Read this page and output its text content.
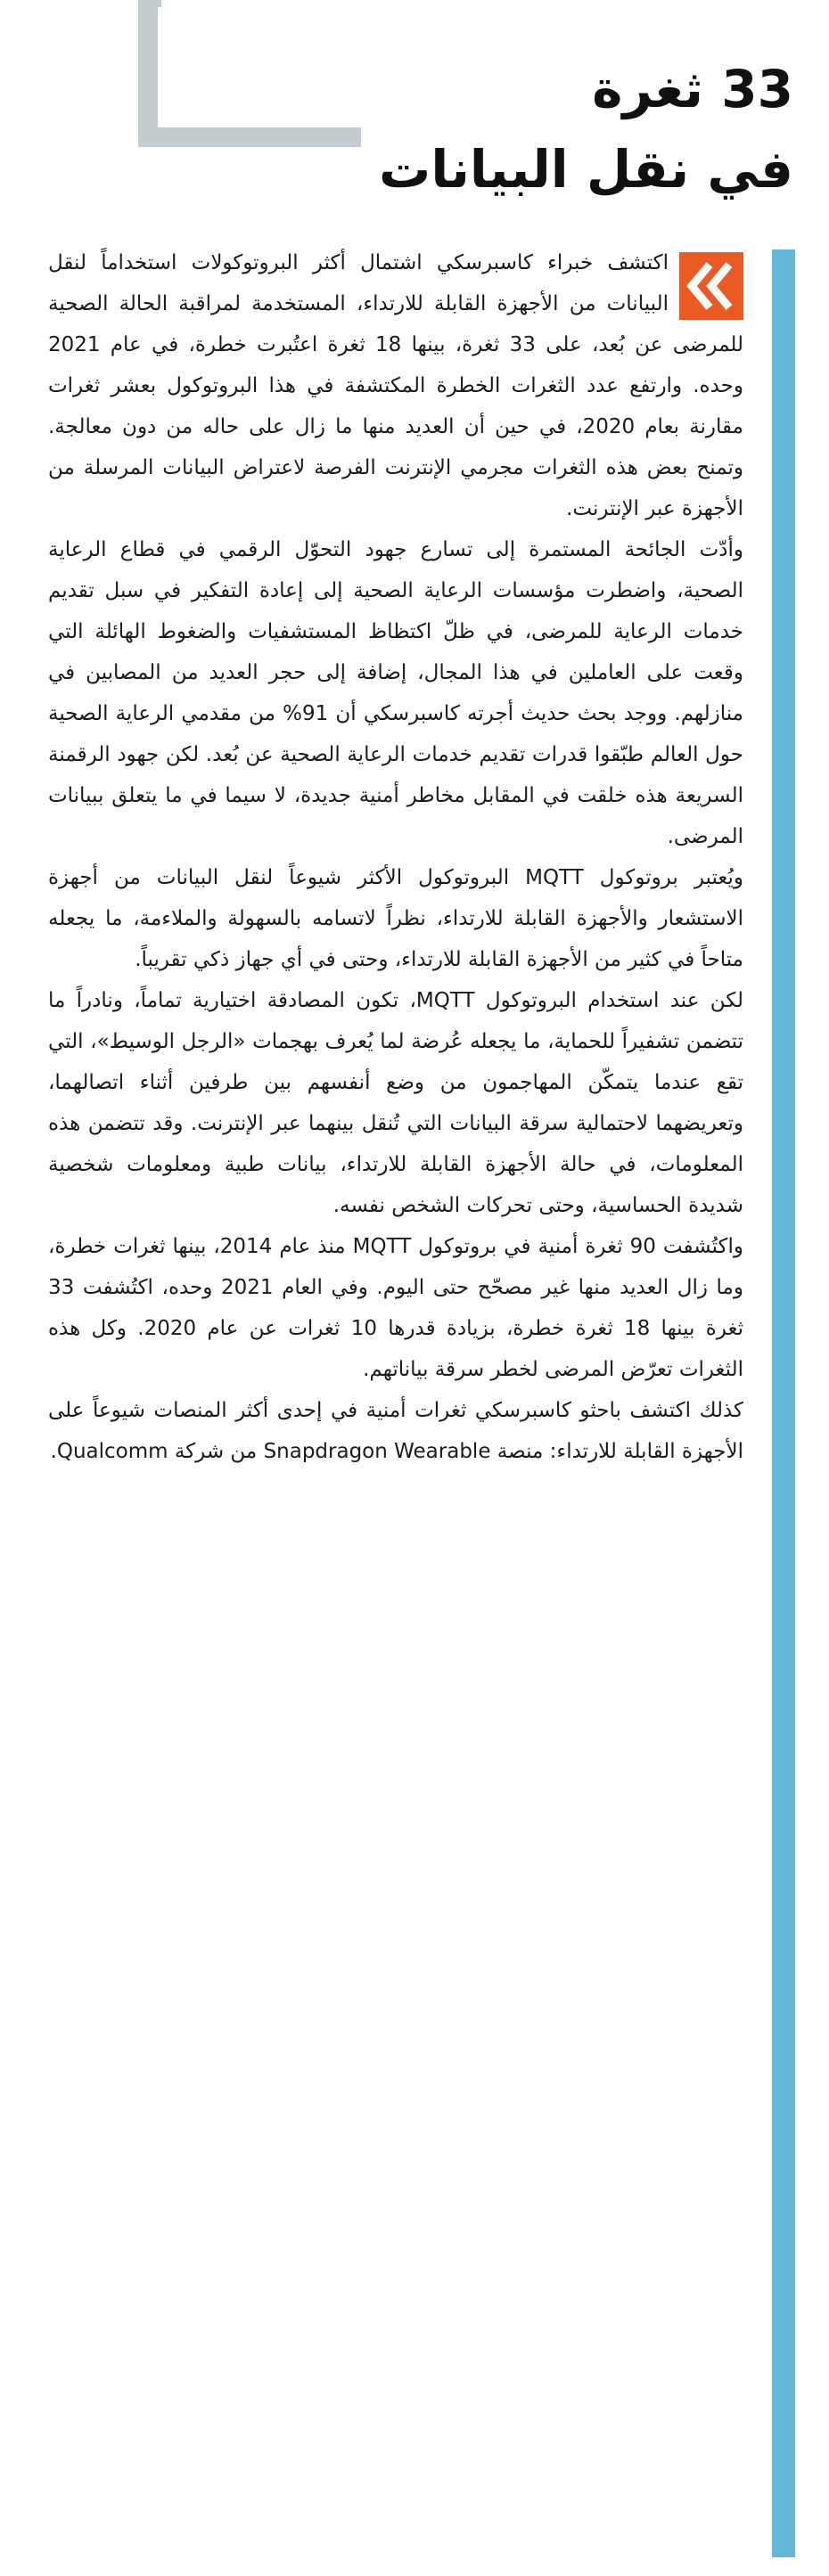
33 ثغرة
في نقل البيانات

اكتشف خبراء كاسبرسكي اشتمال أكثر البروتوكولات استخداماً لنقل البيانات من الأجهزة القابلة للارتداء، المستخدمة لمراقبة الحالة الصحية للمرضى عن بُعد، على 33 ثغرة، بينها 18 ثغرة اعتُبرت خطرة، في عام 2021 وحده. وارتفع عدد الثغرات الخطرة المكتشفة في هذا البروتوكول بعشر ثغرات مقارنة بعام 2020، في حين أن العديد منها ما زال على حاله من دون معالجة. وتمنح بعض هذه الثغرات مجرمي الإنترنت الفرصة لاعتراض البيانات المرسلة من الأجهزة عبر الإنترنت.

وأدّت الجائحة المستمرة إلى تسارع جهود التحوّل الرقمي في قطاع الرعاية الصحية، واضطرت مؤسسات الرعاية الصحية إلى إعادة التفكير في سبل تقديم خدمات الرعاية للمرضى، في ظلّ اكتظاظ المستشفيات والضغوط الهائلة التي وقعت على العاملين في هذا المجال، إضافة إلى حجر العديد من المصابين في منازلهم. ووجد بحث حديث أجرته كاسبرسكي أن 91% من مقدمي الرعاية الصحية حول العالم طبّقوا قدرات تقديم خدمات الرعاية الصحية عن بُعد. لكن جهود الرقمنة السريعة هذه خلقت في المقابل مخاطر أمنية جديدة، لا سيما في ما يتعلق ببيانات المرضى.

ويُعتبر بروتوكول MQTT البروتوكول الأكثر شيوعاً لنقل البيانات من أجهزة الاستشعار والأجهزة القابلة للارتداء، نظراً لاتسامه بالسهولة والملاءمة، ما يجعله متاحاً في كثير من الأجهزة القابلة للارتداء، وحتى في أي جهاز ذكي تقريباً.

لكن عند استخدام البروتوكول MQTT، تكون المصادقة اختيارية تماماً، ونادراً ما تتضمن تشفيراً للحماية، ما يجعله عُرضة لما يُعرف بهجمات «الرجل الوسيط»، التي تقع عندما يتمكّن المهاجمون من وضع أنفسهم بين طرفين أثناء اتصالهما، وتعريضهما لاحتمالية سرقة البيانات التي تُنقل بينهما عبر الإنترنت. وقد تتضمن هذه المعلومات، في حالة الأجهزة القابلة للارتداء، بيانات طبية ومعلومات شخصية شديدة الحساسية، وحتى تحركات الشخص نفسه.

واكتُشفت 90 ثغرة أمنية في بروتوكول MQTT منذ عام 2014، بينها ثغرات خطرة، وما زال العديد منها غير مصحّح حتى اليوم. وفي العام 2021 وحده، اكتُشفت 33 ثغرة بينها 18 ثغرة خطرة، بزيادة قدرها 10 ثغرات عن عام 2020. وكل هذه الثغرات تعرّض المرضى لخطر سرقة بياناتهم.

كذلك اكتشف باحثو كاسبرسكي ثغرات أمنية في إحدى أكثر المنصات شيوعاً على الأجهزة القابلة للارتداء: منصة Snapdragon Wearable من شركة Qualcomm.
